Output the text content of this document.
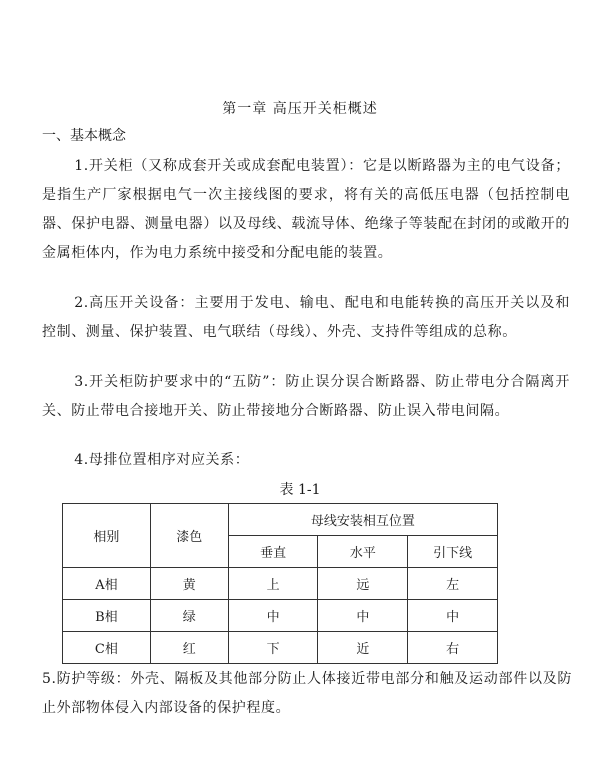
第一章 高压开关柜概述
一、基本概念
1.开关柜（又称成套开关或成套配电装置）：它是以断路器为主的电气设备；是指生产厂家根据电气一次主接线图的要求，将有关的高低压电器（包括控制电器、保护电器、测量电器）以及母线、载流导体、绝缘子等装配在封闭的或敞开的金属柜体内，作为电力系统中接受和分配电能的装置。
2.高压开关设备：主要用于发电、输电、配电和电能转换的高压开关以及和控制、测量、保护装置、电气联结（母线）、外壳、支持件等组成的总称。
3.开关柜防护要求中的“五防”：防止误分误合断路器、防止带电分合隔离开关、防止带电合接地开关、防止带接地分合断路器、防止误入带电间隔。
4.母排位置相序对应关系：
表 1-1
相别	漆色	母线安装相互位置		
		垂直	水平	引下线
A相	黄	上	远	左
B相	绿	中	中	中
C相	红	下	近	右
5.防护等级：外壳、隔板及其他部分防止人体接近带电部分和触及运动部件以及防止外部物体侵入内部设备的保护程度。
